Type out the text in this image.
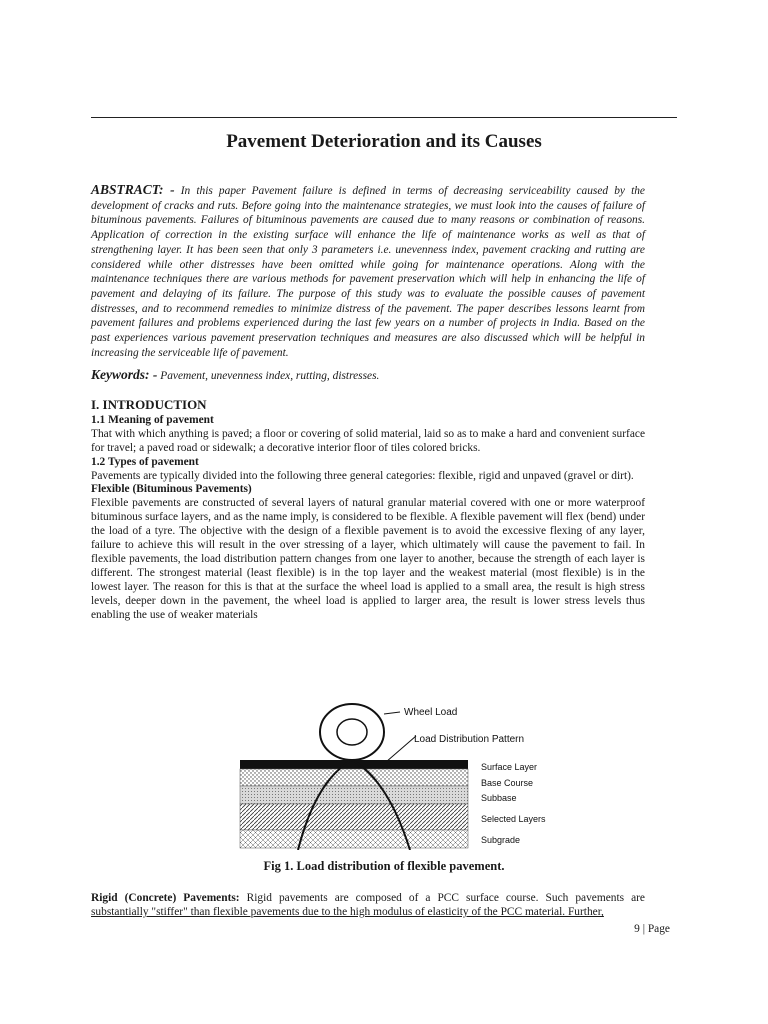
Pavement Deterioration and its Causes
ABSTRACT: - In this paper Pavement failure is defined in terms of decreasing serviceability caused by the development of cracks and ruts. Before going into the maintenance strategies, we must look into the causes of failure of bituminous pavements. Failures of bituminous pavements are caused due to many reasons or combination of reasons. Application of correction in the existing surface will enhance the life of maintenance works as well as that of strengthening layer. It has been seen that only 3 parameters i.e. unevenness index, pavement cracking and rutting are considered while other distresses have been omitted while going for maintenance operations. Along with the maintenance techniques there are various methods for pavement preservation which will help in enhancing the life of pavement and delaying of its failure. The purpose of this study was to evaluate the possible causes of pavement distresses, and to recommend remedies to minimize distress of the pavement. The paper describes lessons learnt from pavement failures and problems experienced during the last few years on a number of projects in India. Based on the past experiences various pavement preservation techniques and measures are also discussed which will be helpful in increasing the serviceable life of pavement.
Keywords: - Pavement, unevenness index, rutting, distresses.
I. INTRODUCTION
1.1 Meaning of pavement

That with which anything is paved; a floor or covering of solid material, laid so as to make a hard and convenient surface for travel; a paved road or sidewalk; a decorative interior floor of tiles colored bricks.

1.2 Types of pavement

Pavements are typically divided into the following three general categories: flexible, rigid and unpaved (gravel or dirt).

Flexible (Bituminous Pavements)

Flexible pavements are constructed of several layers of natural granular material covered with one or more waterproof bituminous surface layers, and as the name imply, is considered to be flexible. A flexible pavement will flex (bend) under the load of a tyre. The objective with the design of a flexible pavement is to avoid the excessive flexing of any layer, failure to achieve this will result in the over stressing of a layer, which ultimately will cause the pavement to fail. In flexible pavements, the load distribution pattern changes from one layer to another, because the strength of each layer is different. The strongest material (least flexible) is in the top layer and the weakest material (most flexible) is in the lowest layer. The reason for this is that at the surface the wheel load is applied to a small area, the result is high stress levels, deeper down in the pavement, the wheel load is applied to larger area, the result is lower stress levels thus enabling the use of weaker materials

Wheel Load
Load Distribution Pattern
Surface Layer
Base Course
Subbase
Selected Layers
Subgrade
Fig 1. Load distribution of flexible pavement.
Rigid (Concrete) Pavements: Rigid pavements are composed of a PCC surface course. Such pavements are substantially "stiffer" than flexible pavements due to the high modulus of elasticity of the PCC material. Further,
9 | Page
